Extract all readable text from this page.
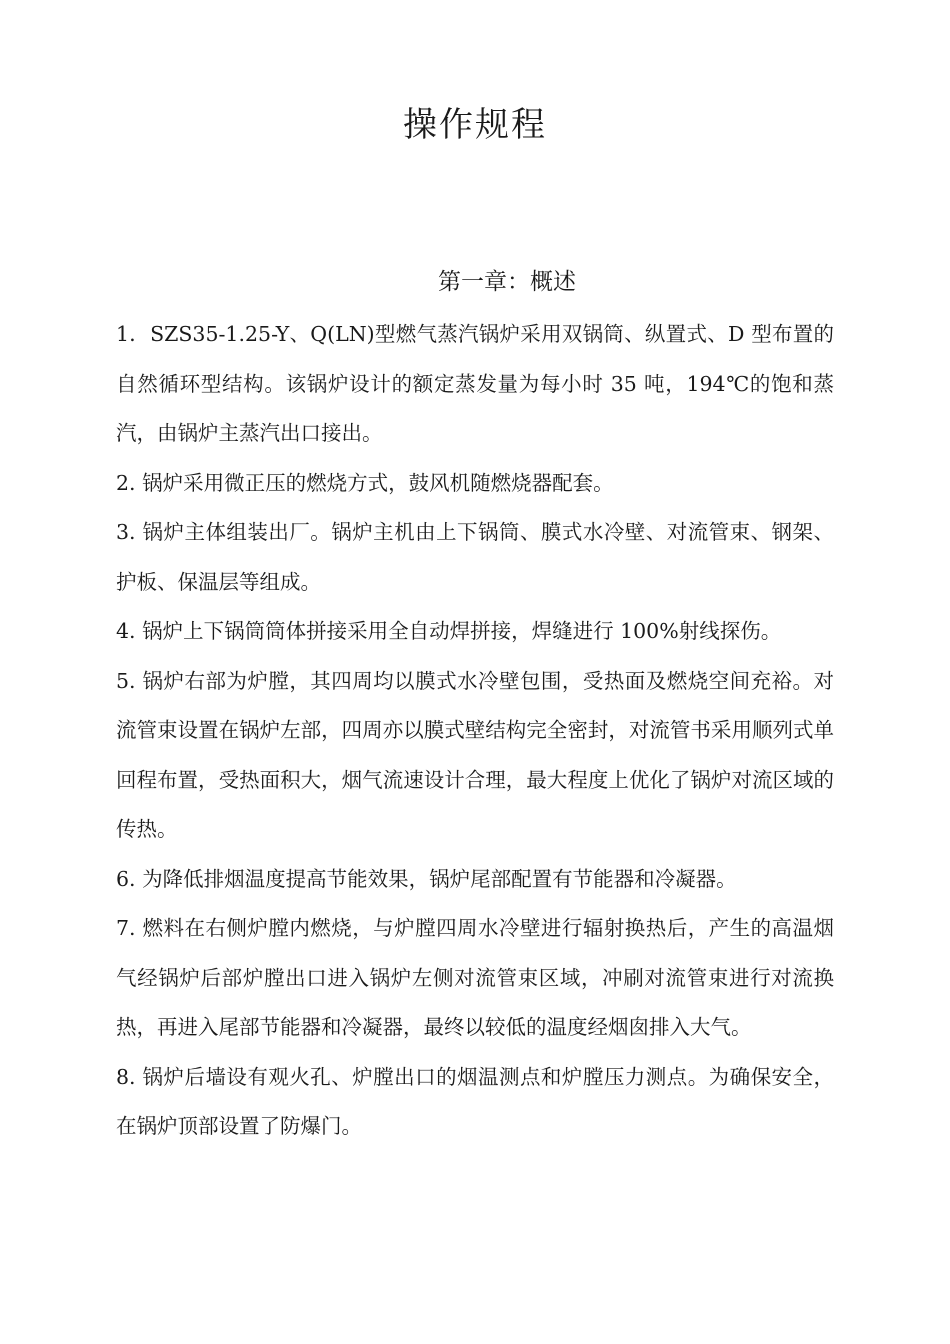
操作规程
第一章：概述

1．SZS35-1.25-Y、Q(LN)型燃气蒸汽锅炉采用双锅筒、纵置式、D 型布置的自然循环型结构。该锅炉设计的额定蒸发量为每小时 35 吨，194℃的饱和蒸汽，由锅炉主蒸汽出口接出。

2. 锅炉采用微正压的燃烧方式，鼓风机随燃烧器配套。

3. 锅炉主体组装出厂。锅炉主机由上下锅筒、膜式水冷壁、对流管束、钢架、护板、保温层等组成。

4. 锅炉上下锅筒筒体拼接采用全自动焊拼接，焊缝进行 100%射线探伤。

5. 锅炉右部为炉膛，其四周均以膜式水冷壁包围，受热面及燃烧空间充裕。对流管束设置在锅炉左部，四周亦以膜式壁结构完全密封，对流管书采用顺列式单回程布置，受热面积大，烟气流速设计合理，最大程度上优化了锅炉对流区域的传热。

6. 为降低排烟温度提高节能效果，锅炉尾部配置有节能器和冷凝器。

7. 燃料在右侧炉膛内燃烧，与炉膛四周水冷壁进行辐射换热后，产生的高温烟气经锅炉后部炉膛出口进入锅炉左侧对流管束区域，冲刷对流管束进行对流换热，再进入尾部节能器和冷凝器，最终以较低的温度经烟囱排入大气。

8. 锅炉后墙设有观火孔、炉膛出口的烟温测点和炉膛压力测点。为确保安全，在锅炉顶部设置了防爆门。
